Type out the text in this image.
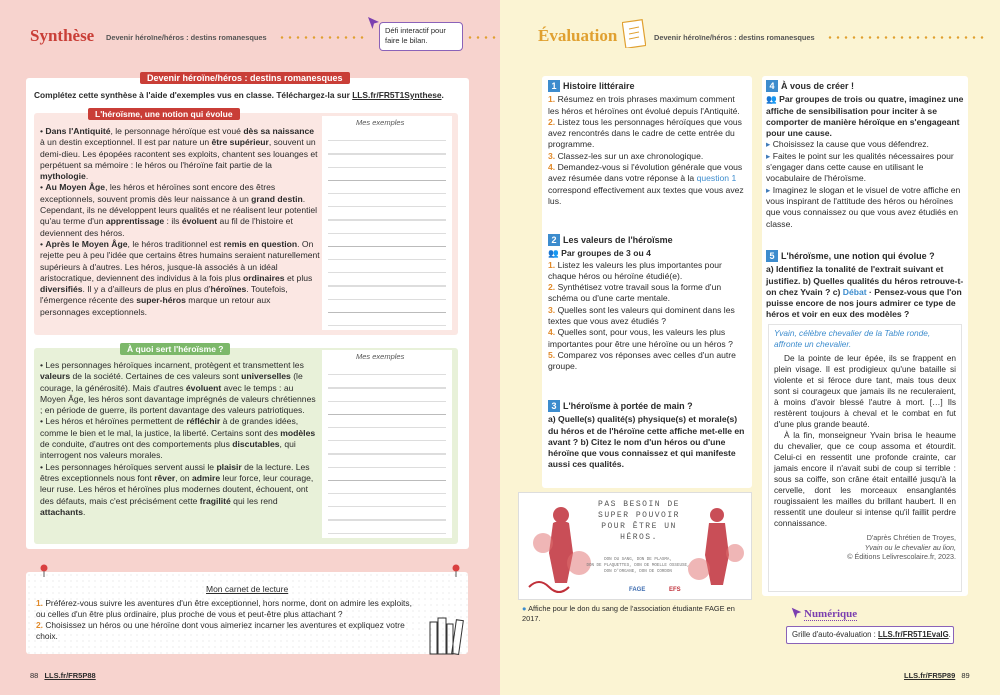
Synthèse Devenir héroïne/héros : destins romanesques
Défi interactif pour faire le bilan.
Devenir héroïne/héros : destins romanesques
Complétez cette synthèse à l'aide d'exemples vus en classe. Téléchargez-la sur LLS.fr/FR5T1Synthese.
L'héroïsme, une notion qui évolue
Mes exemples

• Dans l'Antiquité, le personnage héroïque est voué dès sa naissance à un destin exceptionnel. Il est par nature un être supérieur, souvent un demi-dieu. Les épopées racontent ses exploits, chantent ses louanges et perpétuent sa mémoire : le héros ou l'héroïne fait partie de la mythologie.

• Au Moyen Âge, les héros et héroïnes sont encore des êtres exceptionnels, souvent promis dès leur naissance à un grand destin. Cependant, ils ne développent leurs qualités et ne réalisent leur potentiel qu'au terme d'un apprentissage : ils évoluent au fil de l'histoire et deviennent des héros.

• Après le Moyen Âge, le héros traditionnel est remis en question. On rejette peu à peu l'idée que certains êtres humains seraient naturellement supérieurs à d'autres. Les héros, jusque-là associés à un idéal aristocratique, deviennent des individus à la fois plus ordinaires et plus diversifiés. Il y a d'ailleurs de plus en plus d'héroïnes. Toutefois, l'émergence récente des super-héros marque un retour aux personnages exceptionnels.

À quoi sert l'héroïsme ?
Mes exemples

• Les personnages héroïques incarnent, protègent et transmettent les valeurs de la société. Certaines de ces valeurs sont universelles (le courage, la générosité). Mais d'autres évoluent avec le temps : au Moyen Âge, les héros sont davantage imprégnés de valeurs chrétiennes ; en période de guerre, ils portent davantage des valeurs patriotiques.

• Les héros et héroïnes permettent de réfléchir à de grandes idées, comme le bien et le mal, la justice, la liberté. Certains sont des modèles de conduite, d'autres ont des comportements plus discutables, qui interrogent nos valeurs morales.

• Les personnages héroïques servent aussi le plaisir de la lecture. Les êtres exceptionnels nous font rêver, on admire leur force, leur courage, leur ruse. Les héros et héroïnes plus modernes doutent, échouent, ont des défauts, mais c'est précisément cette fragilité qui les rend attachants.

Mon carnet de lecture

1. Préférez-vous suivre les aventures d'un être exceptionnel, hors norme, dont on admire les exploits, ou celles d'un être plus ordinaire, plus proche de vous et peut-être plus attachant ?

2. Choisissez un héros ou une héroïne dont vous aimeriez incarner les aventures et expliquez votre choix.

88 LLS.fr/FR5P88
Évaluation	Devenir héroïne/héros : destins romanesques

1 Histoire littéraire

1. Résumez en trois phrases maximum comment les héros et héroïnes ont évolué depuis l'Antiquité.

2. Listez tous les personnages héroïques que vous avez rencontrés dans le cadre de cette entrée du programme.

3. Classez-les sur un axe chronologique.

4. Demandez-vous si l'évolution générale que vous avez résumée dans votre réponse à la question 1 correspond effectivement aux textes que vous avez lus.

2 Les valeurs de l'héroïsme

👥 Par groupes de 3 ou 4

1. Listez les valeurs les plus importantes pour chaque héros ou héroïne étudié(e).

2. Synthétisez votre travail sous la forme d'un schéma ou d'une carte mentale.

3. Quelles sont les valeurs qui dominent dans les textes que vous avez étudiés ?

4. Quelles sont, pour vous, les valeurs les plus importantes pour être une héroïne ou un héros ?

5. Comparez vos réponses avec celles d'un autre groupe.

3 L'héroïsme à portée de main ?

a) Quelle(s) qualité(s) physique(s) et morale(s) du héros et de l'héroïne cette affiche met-elle en avant ? b) Citez le nom d'un héros ou d'une héroïne que vous connaissez et qui manifeste aussi ces qualités.

PAS BESOIN DE
SUPER POUVOIR
POUR ÊTRE UN
HÉROS.
DON DU SANG, DON DE PLASMA,
DON DE PLAQUETTES, DON DE MOELLE OSSEUSE,
DON D'ORGANE, DON DE CORDON
EFS
FAGE
● Affiche pour le don du sang de l'association étudiante FAGE en 2017.

4 À vous de créer !

👥 Par groupes de trois ou quatre, imaginez une affiche de sensibilisation pour inciter à se comporter de manière héroïque en s'engageant pour une cause.

▸ Choisissez la cause que vous défendrez.

▸ Faites le point sur les qualités nécessaires pour s'engager dans cette cause en utilisant le vocabulaire de l'héroïsme.

▸ Imaginez le slogan et le visuel de votre affiche en vous inspirant de l'attitude des héros ou héroïnes que vous connaissez ou que vous avez étudiés en classe.

5 L'héroïsme, une notion qui évolue ?

a) Identifiez la tonalité de l'extrait suivant et justifiez. b) Quelles qualités du héros retrouve-t-on chez Yvain ? c) Débat · Pensez-vous que l'on puisse encore de nos jours admirer ce type de héros et voir en eux des modèles ?

Yvain, célèbre chevalier de la Table ronde, affronte un chevalier.

De la pointe de leur épée, ils se frappent en plein visage. Il est prodigieux qu'une bataille si violente et si féroce dure tant, mais tous deux sont si courageux que jamais ils ne reculeraient, à moins d'avoir blessé l'autre à mort. […] Ils restèrent toujours à cheval et le combat en fut d'une plus grande beauté.

À la fin, monseigneur Yvain brisa le heaume du chevalier, que ce coup assoma et étourdit. Celui-ci en ressentit une profonde crainte, car jamais encore il n'avait subi de coup si terrible : sous sa coiffe, son crâne était entaillé jusqu'à la cervelle, dont les morceaux ensanglantés rougissaient les mailles du brillant haubert. Il en ressentit une douleur si intense qu'il faillit perdre connaissance.

D'après Chrétien de Troyes,
Yvain ou le chevalier au lion,
© Éditions Lelivrescolaire.fr, 2023.

Numérique
Grille d'auto-évaluation : LLS.fr/FR5T1EvalG.
LLS.fr/FR5P89 89
